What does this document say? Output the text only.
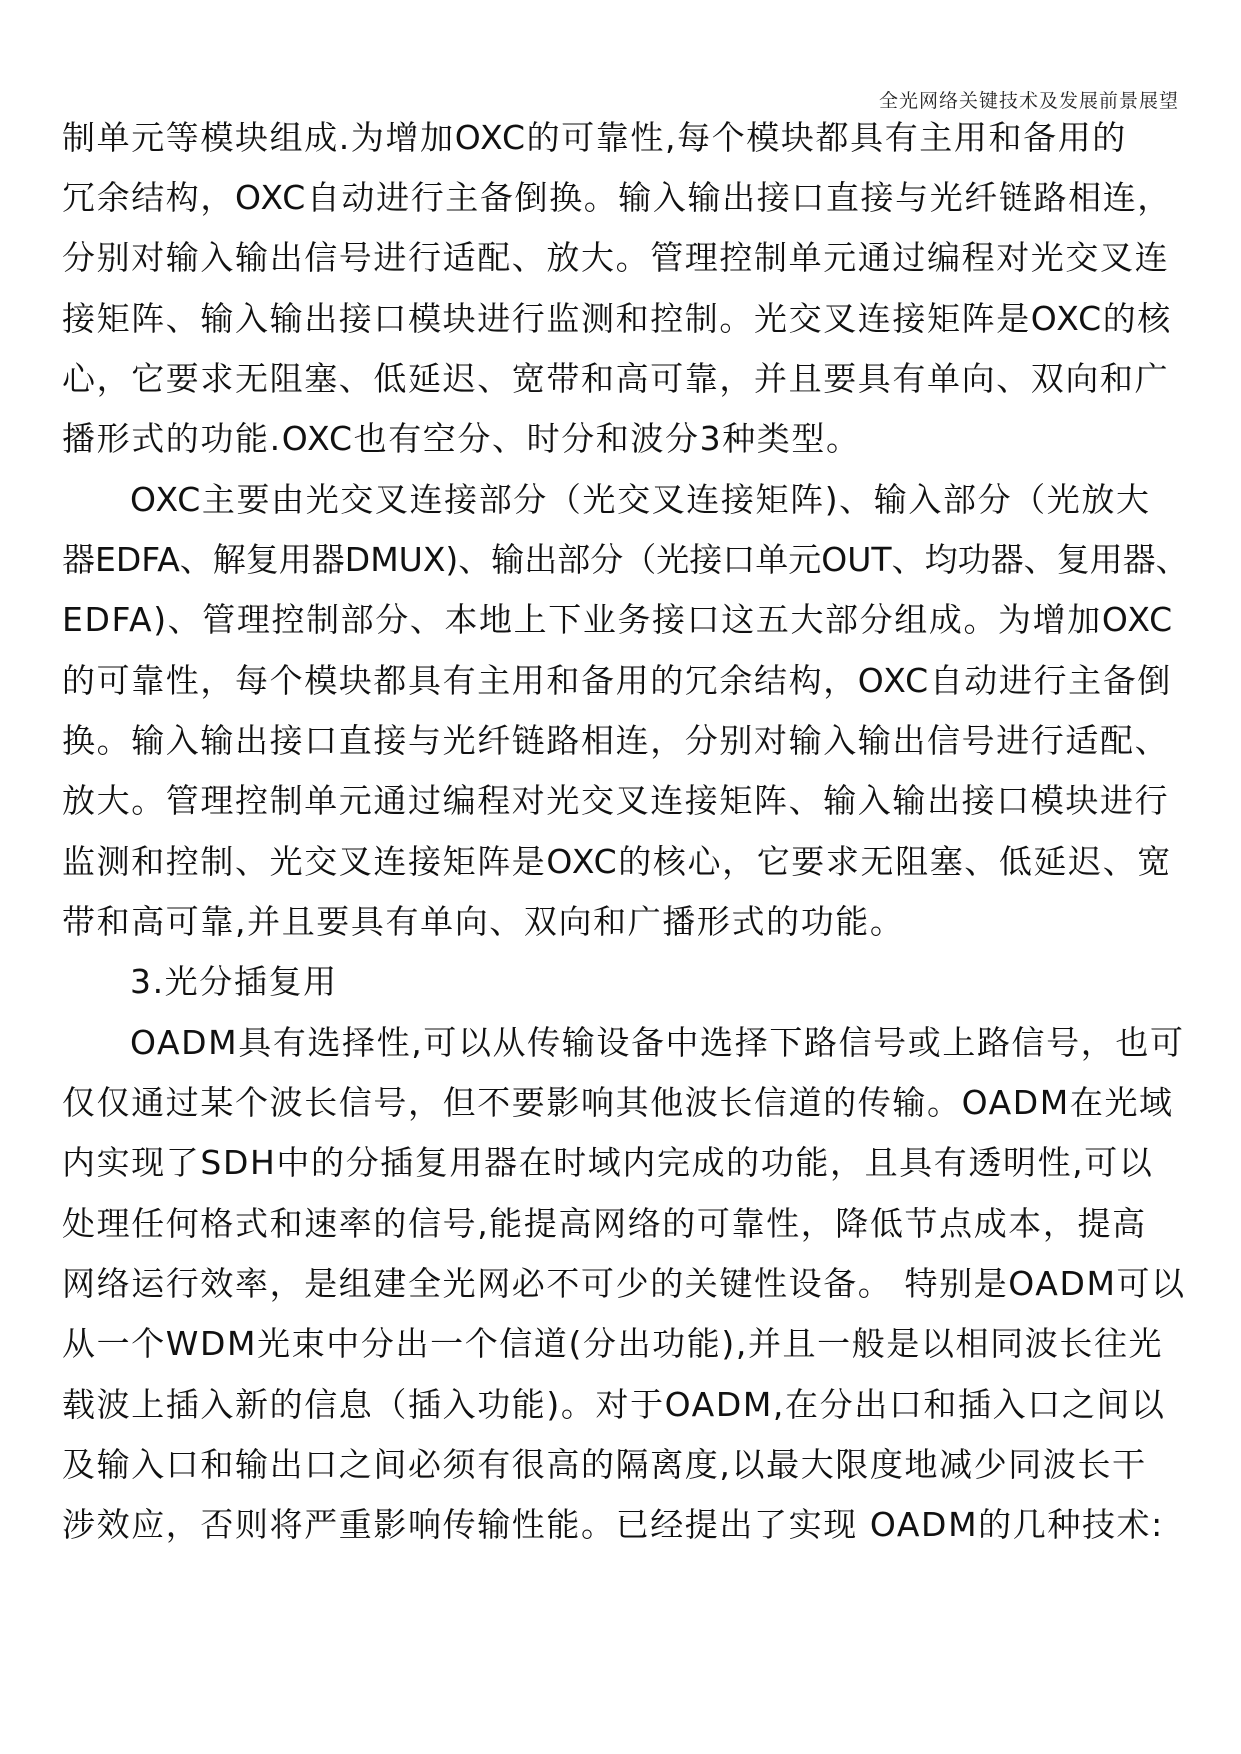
全光网络关键技术及发展前景展望
制单元等模块组成.为增加OXC的可靠性,每个模块都具有主用和备用的
冗余结构，OXC自动进行主备倒换。输入输出接口直接与光纤链路相连，
分别对输入输出信号进行适配、放大。管理控制单元通过编程对光交叉连
接矩阵、输入输出接口模块进行监测和控制。光交叉连接矩阵是OXC的核
心，它要求无阻塞、低延迟、宽带和高可靠，并且要具有单向、双向和广
播形式的功能.OXC也有空分、时分和波分3种类型。
OXC主要由光交叉连接部分（光交叉连接矩阵)、输入部分（光放大
器EDFA、解复用器DMUX)、输出部分（光接口单元OUT、均功器、复用器、
EDFA)、管理控制部分、本地上下业务接口这五大部分组成。为增加OXC
的可靠性，每个模块都具有主用和备用的冗余结构，OXC自动进行主备倒
换。输入输出接口直接与光纤链路相连，分别对输入输出信号进行适配、
放大。管理控制单元通过编程对光交叉连接矩阵、输入输出接口模块进行
监测和控制、光交叉连接矩阵是OXC的核心，它要求无阻塞、低延迟、宽
带和高可靠,并且要具有单向、双向和广播形式的功能。
3.光分插复用
OADM具有选择性,可以从传输设备中选择下路信号或上路信号，也可
仅仅通过某个波长信号，但不要影响其他波长信道的传输。OADM在光域
内实现了SDH中的分插复用器在时域内完成的功能，且具有透明性,可以
处理任何格式和速率的信号,能提高网络的可靠性，降低节点成本，提高
网络运行效率，是组建全光网必不可少的关键性设备。 特别是OADM可以
从一个WDM光束中分出一个信道(分出功能),并且一般是以相同波长往光
载波上插入新的信息（插入功能)。对于OADM,在分出口和插入口之间以
及输入口和输出口之间必须有很高的隔离度,以最大限度地减少同波长干
涉效应，否则将严重影响传输性能。已经提出了实现 OADM的几种技术:
